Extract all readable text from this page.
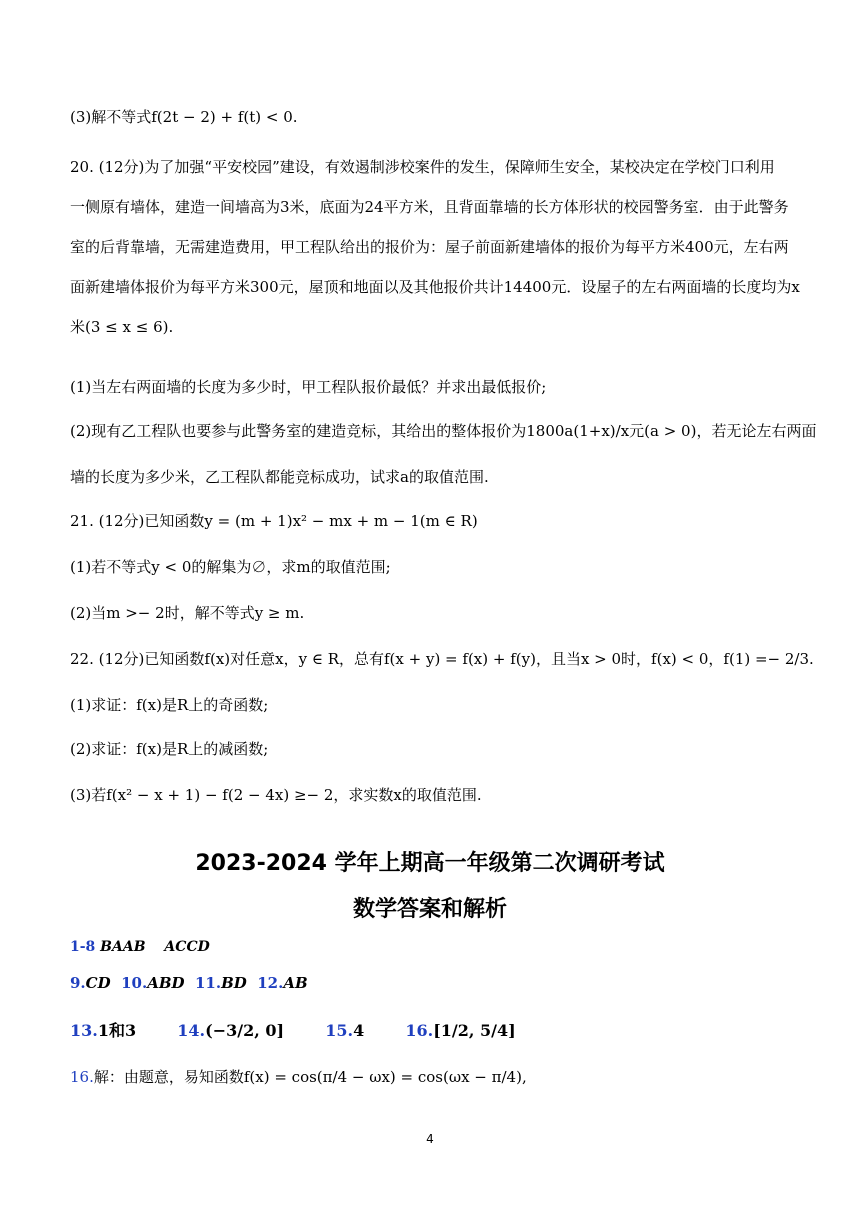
(3)解不等式f(2t − 2) + f(t) < 0.
20. (12分)为了加强“平安校园”建设，有效遏制涉校案件的发生，保障师生安全，某校决定在学校门口利用
一侧原有墙体，建造一间墙高为3米，底面为24平方米，且背面靠墙的长方体形状的校园警务室．由于此警务
室的后背靠墙，无需建造费用，甲工程队给出的报价为：屋子前面新建墙体的报价为每平方米400元，左右两
面新建墙体报价为每平方米300元，屋顶和地面以及其他报价共计14400元．设屋子的左右两面墙的长度均为x
米(3 ≤ x ≤ 6).
(1)当左右两面墙的长度为多少时，甲工程队报价最低？并求出最低报价;
(2)现有乙工程队也要参与此警务室的建造竞标，其给出的整体报价为1800a(1+x)/x元(a > 0)，若无论左右两面
墙的长度为多少米，乙工程队都能竞标成功，试求a的取值范围.
21. (12分)已知函数y = (m + 1)x² − mx + m − 1(m ∈ R)
(1)若不等式y < 0的解集为∅，求m的取值范围;
(2)当m >− 2时，解不等式y ≥ m.
22. (12分)已知函数f(x)对任意x，y ∈ R，总有f(x + y) = f(x) + f(y)，且当x > 0时，f(x) < 0，f(1) =− 2/3.
(1)求证：f(x)是R上的奇函数;
(2)求证：f(x)是R上的减函数;
(3)若f(x² − x + 1) − f(2 − 4x) ≥− 2，求实数x的取值范围.
2023-2024 学年上期高一年级第二次调研考试
数学答案和解析
1-8 BAAB　 ACCD
9.CD 10.ABD 11.BD 12.AB
13.1和3	14.(−3/2, 0]	15.4	16.[1/2, 5/4]
16.解：由题意，易知函数f(x) = cos(π/4 − ωx) = cos(ωx − π/4),
4
